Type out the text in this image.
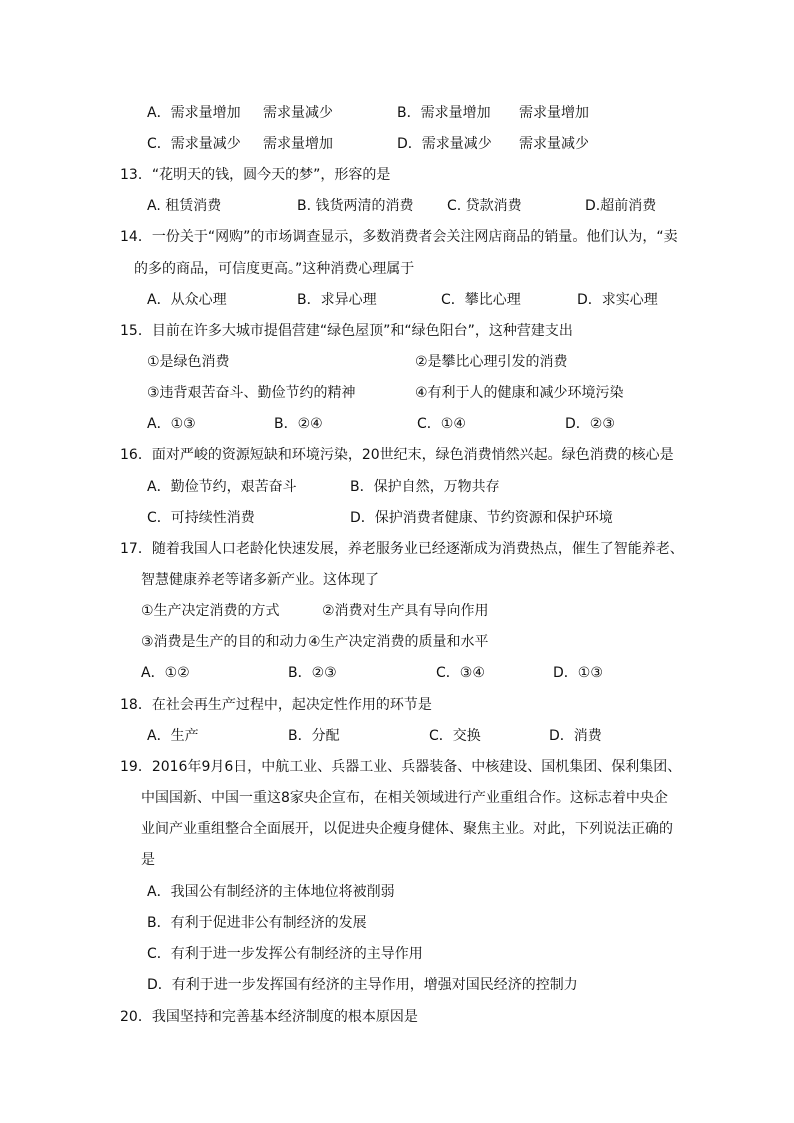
A．需求量增加 需求量减少	B．需求量增加 需求量增加
C．需求量减少 需求量增加	D．需求量减少 需求量减少
13．“花明天的钱，圆今天的梦”，形容的是
A. 租赁消费	B. 钱货两清的消费 C. 贷款消费	D.超前消费
14．一份关于“网购”的市场调查显示，多数消费者会关注网店商品的销量。他们认为，“卖
的多的商品，可信度更高。”这种消费心理属于
A．从众心理	B．求异心理	C．攀比心理	D．求实心理
15．目前在许多大城市提倡营建“绿色屋顶”和“绿色阳台”，这种营建支出
①是绿色消费	②是攀比心理引发的消费
③违背艰苦奋斗、勤俭节约的精神	④有利于人的健康和减少环境污染
A．①③	B．②④	C．①④	D．②③
16．面对严峻的资源短缺和环境污染，20世纪末，绿色消费悄然兴起。绿色消费的核心是
A．勤俭节约，艰苦奋斗	B．保护自然，万物共存
C．可持续性消费	D．保护消费者健康、节约资源和保护环境
17．随着我国人口老龄化快速发展，养老服务业已经逐渐成为消费热点，催生了智能养老、
智慧健康养老等诸多新产业。这体现了
①生产决定消费的方式	②消费对生产具有导向作用
③消费是生产的目的和动力 ④生产决定消费的质量和水平
A．①②	B．②③	C．③④	D．①③
18．在社会再生产过程中，起决定性作用的环节是
A．生产	B．分配	C．交换	D．消费
19．2016年9月6日，中航工业、兵器工业、兵器装备、中核建设、国机集团、保利集团、
中国国新、中国一重这8家央企宣布，在相关领域进行产业重组合作。这标志着中央企
业间产业重组整合全面展开，以促进央企瘦身健体、聚焦主业。对此，下列说法正确的
是
A．我国公有制经济的主体地位将被削弱
B．有利于促进非公有制经济的发展
C．有利于进一步发挥公有制经济的主导作用
D．有利于进一步发挥国有经济的主导作用，增强对国民经济的控制力
20．我国坚持和完善基本经济制度的根本原因是
